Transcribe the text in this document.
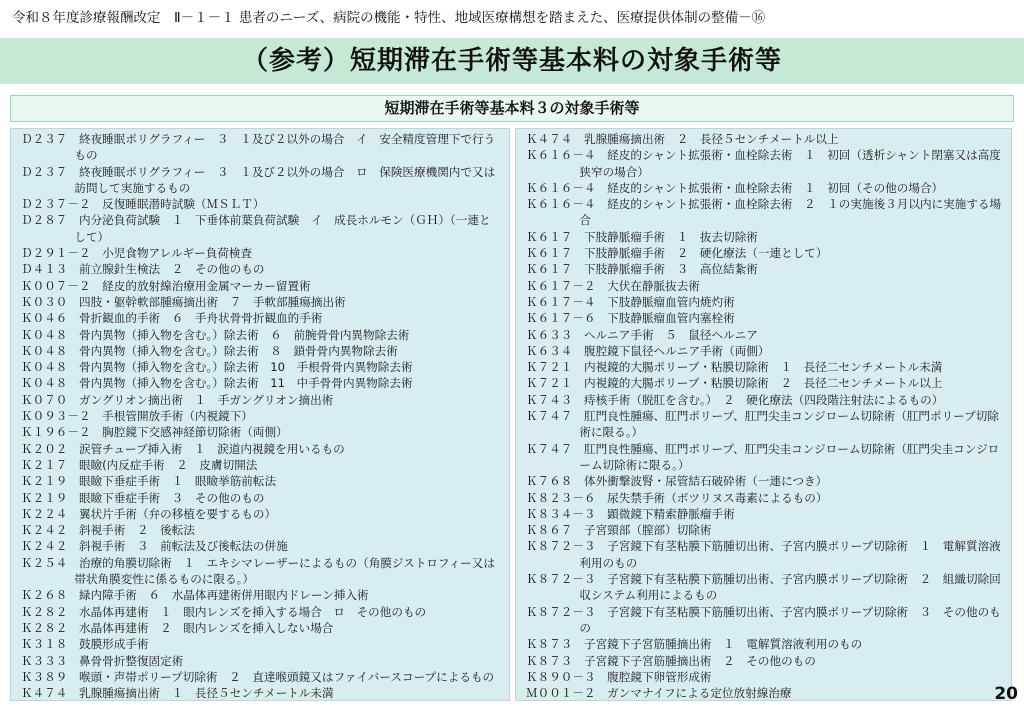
令和８年度診療報酬改定　Ⅱ－１－１ 患者のニーズ、病院の機能・特性、地域医療構想を踏まえた、医療提供体制の整備－⑯
（参考）短期滞在手術等基本料の対象手術等
短期滞在手術等基本料３の対象手術等
Ｄ２３７　終夜睡眠ポリグラフィー　３　１及び２以外の場合　イ　安全精度管理下で行うもの
Ｄ２３７　終夜睡眠ポリグラフィー　３　１及び２以外の場合　ロ　保険医療機関内で又は訪問して実施するもの
Ｄ２３７－２　反復睡眠潜時試験（ＭＳＬＴ）
Ｄ２８７　内分泌負荷試験　１　下垂体前葉負荷試験　イ　成長ホルモン（ＧＨ）（一連として）
Ｄ２９１－２　小児食物アレルギー負荷検査
Ｄ４１３　前立腺針生検法　２　その他のもの
Ｋ００７－２　経皮的放射線治療用金属マーカー留置術
Ｋ０３０　四肢・躯幹軟部腫瘍摘出術　７　手軟部腫瘍摘出術
Ｋ０４６　骨折観血的手術　６　手舟状骨骨折観血的手術
Ｋ０４８　骨内異物（挿入物を含む。）除去術　６　前腕骨骨内異物除去術
Ｋ０４８　骨内異物（挿入物を含む。）除去術　８　鎖骨骨内異物除去術
Ｋ０４８　骨内異物（挿入物を含む。）除去術　10　手根骨骨内異物除去術
Ｋ０４８　骨内異物（挿入物を含む。）除去術　11　中手骨骨内異物除去術
Ｋ０７０　ガングリオン摘出術　１　手ガングリオン摘出術
Ｋ０９３－２　手根管開放手術（内視鏡下）
Ｋ１９６－２　胸腔鏡下交感神経節切除術（両側）
Ｋ２０２　涙管チューブ挿入術　１　涙道内視鏡を用いるもの
Ｋ２１７　眼瞼(内反症手術　２　皮膚切開法
Ｋ２１９　眼瞼下垂症手術　１　眼瞼挙筋前転法
Ｋ２１９　眼瞼下垂症手術　３　その他のもの
Ｋ２２４　翼状片手術（弁の移植を要するもの）
Ｋ２４２　斜視手術　２　後転法
Ｋ２４２　斜視手術　３　前転法及び後転法の併施
Ｋ２５４　治療的角膜切除術　１　エキシマレーザーによるもの（角膜ジストロフィー又は帯状角膜変性に係るものに限る。）
Ｋ２６８　緑内障手術　６　水晶体再建術併用眼内ドレーン挿入術
Ｋ２８２　水晶体再建術　１　眼内レンズを挿入する場合　ロ　その他のもの
Ｋ２８２　水晶体再建術　２　眼内レンズを挿入しない場合
Ｋ３１８　鼓膜形成手術
Ｋ３３３　鼻骨骨折整復固定術
Ｋ３８９　喉頭・声帯ポリープ切除術　２　直達喉頭鏡又はファイバースコープによるもの
Ｋ４７４　乳腺腫瘍摘出術　１　長径５センチメートル未満
Ｋ４７４　乳腺腫瘍摘出術　２　長径５センチメートル以上
Ｋ６１６－４　経皮的シャント拡張術・血栓除去術　１　初回（透析シャント閉塞又は高度狭窄の場合）
Ｋ６１６－４　経皮的シャント拡張術・血栓除去術　１　初回（その他の場合）
Ｋ６１６－４　経皮的シャント拡張術・血栓除去術　２　１の実施後３月以内に実施する場合
Ｋ６１７　下肢静脈瘤手術　１　抜去切除術
Ｋ６１７　下肢静脈瘤手術　２　硬化療法（一連として）
Ｋ６１７　下肢静脈瘤手術　３　高位結紮術
Ｋ６１７－２　大伏在静脈抜去術
Ｋ６１７－４　下肢静脈瘤血管内焼灼術
Ｋ６１７－６　下肢静脈瘤血管内塞栓術
Ｋ６３３　ヘルニア手術　５　鼠径ヘルニア
Ｋ６３４　腹腔鏡下鼠径ヘルニア手術（両側）
Ｋ７２１　内視鏡的大腸ポリープ・粘膜切除術　１　長径二センチメートル未満
Ｋ７２１　内視鏡的大腸ポリープ・粘膜切除術　２　長径二センチメートル以上
Ｋ７４３　痔核手術（脱肛を含む。）　２　硬化療法（四段階注射法によるもの）
Ｋ７４７　肛門良性腫瘍、肛門ポリープ、肛門尖圭コンジローム切除術（肛門ポリープ切除術に限る。）
Ｋ７４７　肛門良性腫瘍、肛門ポリープ、肛門尖圭コンジローム切除術（肛門尖圭コンジローム切除術に限る。）
Ｋ７６８　体外衝撃波腎・尿管結石破砕術（一連につき）
Ｋ８２３－６　尿失禁手術（ボツリヌス毒素によるもの）
Ｋ８３４－３　顕微鏡下精索静脈瘤手術
Ｋ８６７　子宮頸部（膣部）切除術
Ｋ８７２－３　子宮鏡下有茎粘膜下筋腫切出術、子宮内膜ポリープ切除術　１　電解質溶液利用のもの
Ｋ８７２－３　子宮鏡下有茎粘膜下筋腫切出術、子宮内膜ポリープ切除術　２　組織切除回収システム利用によるもの
Ｋ８７２－３　子宮鏡下有茎粘膜下筋腫切出術、子宮内膜ポリープ切除術　３　その他のもの
Ｋ８７３　子宮鏡下子宮筋腫摘出術　１　電解質溶液利用のもの
Ｋ８７３　子宮鏡下子宮筋腫摘出術　２　その他のもの
Ｋ８９０－３　腹腔鏡下卵管形成術
Ｍ００１－２　ガンマナイフによる定位放射線治療	20
